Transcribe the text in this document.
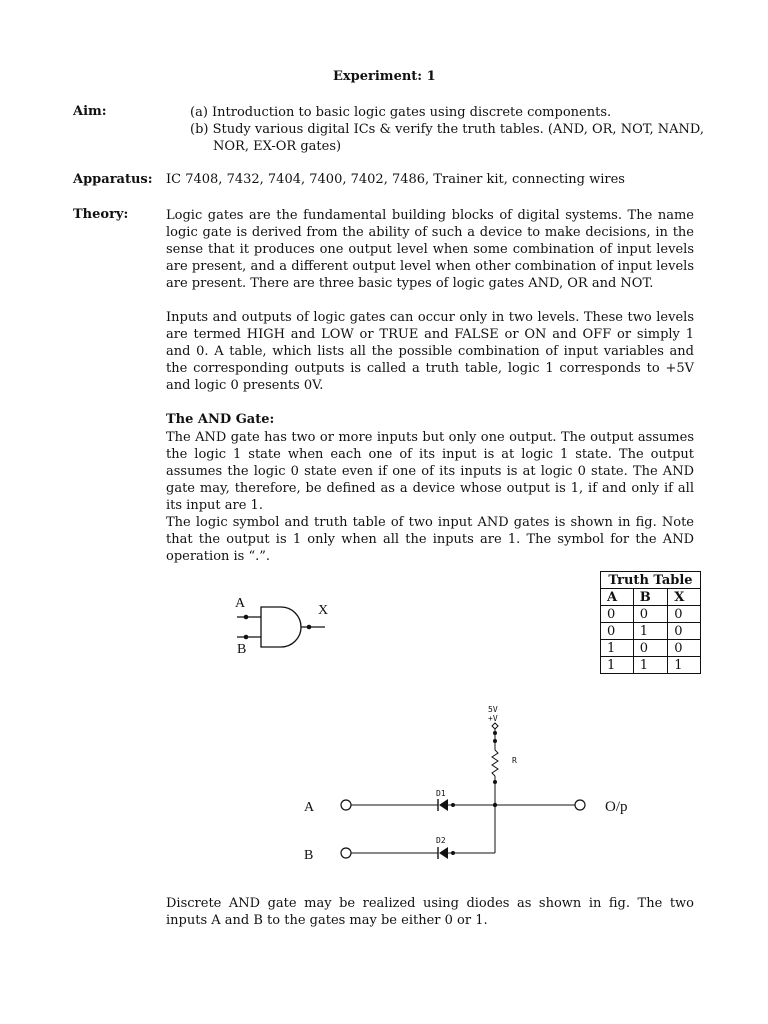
Experiment: 1
Aim:	(a) Introduction to basic logic gates using discrete components.
(b) Study various digital ICs & verify the truth tables. (AND, OR, NOT, NAND,
NOR, EX-OR gates)
Apparatus: IC 7408, 7432, 7404, 7400, 7402, 7486, Trainer kit, connecting wires
Theory:	Logic gates are the fundamental building blocks of digital systems. The name logic gate is derived from the ability of such a device to make decisions, in the sense that it produces one output level when some combination of input levels are present, and a different output level when other combination of input levels are present. There are three basic types of logic gates AND, OR and NOT.
Inputs and outputs of logic gates can occur only in two levels. These two levels are termed HIGH and LOW or TRUE and FALSE or ON and OFF or simply 1 and 0. A table, which lists all the possible combination of input variables and the corresponding outputs is called a truth table, logic 1 corresponds to +5V and logic 0 presents 0V.
The AND Gate:
The AND gate has two or more inputs but only one output. The output assumes the logic 1 state when each one of its input is at logic 1 state. The output assumes the logic 0 state even if one of its inputs is at logic 0 state. The AND gate may, therefore, be defined as a device whose output is 1, if and only if all its input are 1.
The logic symbol and truth table of two input AND gates is shown in fig. Note that the output is 1 only when all the inputs are 1. The symbol for the AND operation is “.”.
A
B
X
Truth Table		
A	B	X
0	0	0
0	1	0
1	0	0
1	1	1
5V
+V
R
D1
D2
A
B
O/p
Discrete AND gate may be realized using diodes as shown in fig. The two inputs A and B to the gates may be either 0 or 1.
